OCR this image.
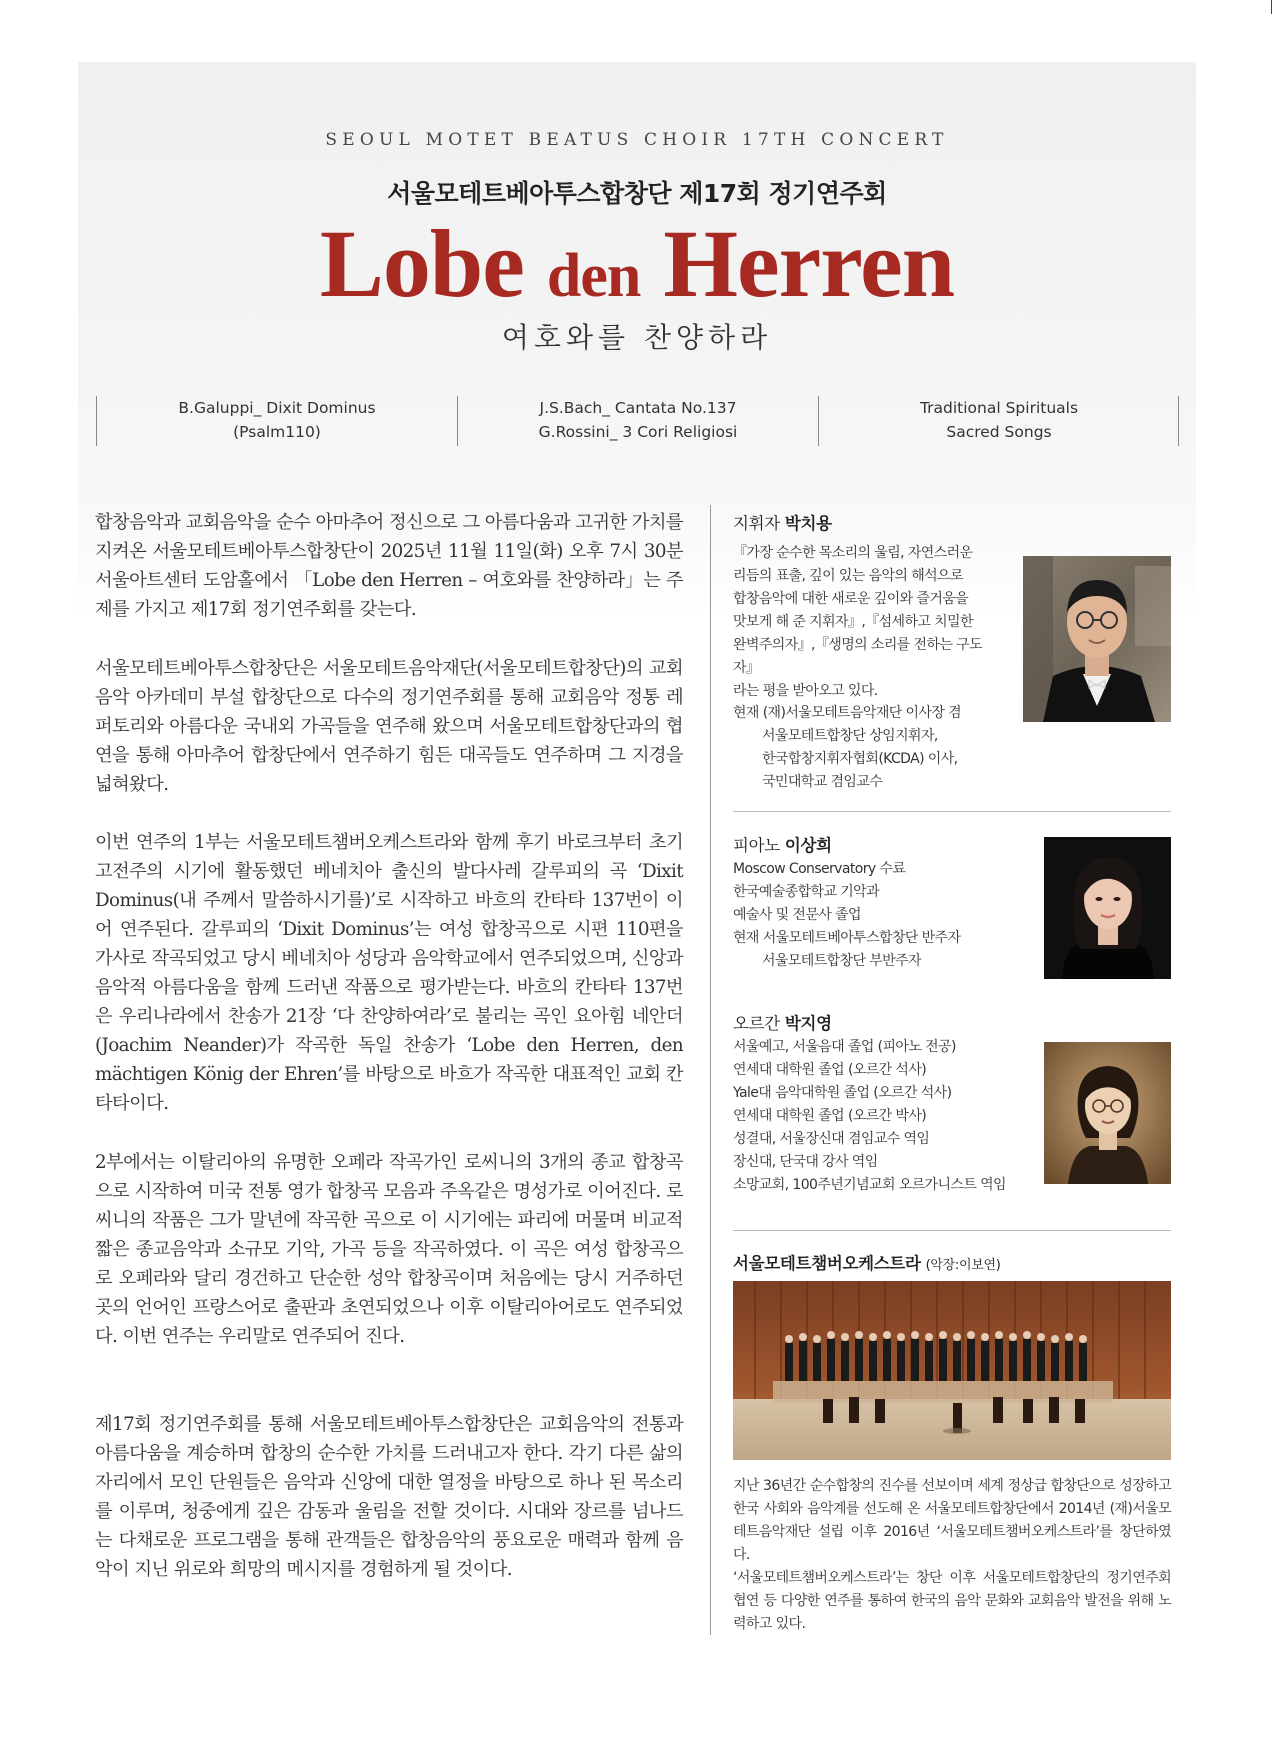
SEOUL MOTET BEATUS CHOIR 17TH CONCERT
서울모테트베아투스합창단 제17회 정기연주회
Lobe den Herren
여호와를 찬양하라
B.Galuppi_ Dixit Dominus
(Psalm110)
J.S.Bach_ Cantata No.137
G.Rossini_ 3 Cori Religiosi
Traditional Spirituals
Sacred Songs

합창음악과 교회음악을 순수 아마추어 정신으로 그 아름다움과 고귀한 가치를 지켜온 서울모테트베아투스합창단이 2025년 11월 11일(화) 오후 7시 30분 서울아트센터 도암홀에서 「Lobe den Herren – 여호와를 찬양하라」는 주제를 가지고 제17회 정기연주회를 갖는다.

서울모테트베아투스합창단은 서울모테트음악재단(서울모테트합창단)의 교회음악 아카데미 부설 합창단으로 다수의 정기연주회를 통해 교회음악 정통 레퍼토리와 아름다운 국내외 가곡들을 연주해 왔으며 서울모테트합창단과의 협연을 통해 아마추어 합창단에서 연주하기 힘든 대곡들도 연주하며 그 지경을 넓혀왔다.

이번 연주의 1부는 서울모테트챔버오케스트라와 함께 후기 바로크부터 초기 고전주의 시기에 활동했던 베네치아 출신의 발다사레 갈루피의 곡 ‘Dixit Dominus(내 주께서 말씀하시기를)’로 시작하고 바흐의 칸타타 137번이 이어 연주된다. 갈루피의 ‘Dixit Dominus’는 여성 합창곡으로 시편 110편을 가사로 작곡되었고 당시 베네치아 성당과 음악학교에서 연주되었으며, 신앙과 음악적 아름다움을 함께 드러낸 작품으로 평가받는다. 바흐의 칸타타 137번은 우리나라에서 찬송가 21장 ‘다 찬양하여라’로 불리는 곡인 요아힘 네안더(Joachim Neander)가 작곡한 독일 찬송가 ‘Lobe den Herren, den mächtigen König der Ehren’를 바탕으로 바흐가 작곡한 대표적인 교회 칸타타이다.

2부에서는 이탈리아의 유명한 오페라 작곡가인 로씨니의 3개의 종교 합창곡으로 시작하여 미국 전통 영가 합창곡 모음과 주옥같은 명성가로 이어진다. 로씨니의 작품은 그가 말년에 작곡한 곡으로 이 시기에는 파리에 머물며 비교적 짧은 종교음악과 소규모 기악, 가곡 등을 작곡하였다. 이 곡은 여성 합창곡으로 오페라와 달리 경건하고 단순한 성악 합창곡이며 처음에는 당시 거주하던 곳의 언어인 프랑스어로 출판과 초연되었으나 이후 이탈리아어로도 연주되었다. 이번 연주는 우리말로 연주되어 진다.

제17회 정기연주회를 통해 서울모테트베아투스합창단은 교회음악의 전통과 아름다움을 계승하며 합창의 순수한 가치를 드러내고자 한다. 각기 다른 삶의 자리에서 모인 단원들은 음악과 신앙에 대한 열정을 바탕으로 하나 된 목소리를 이루며, 청중에게 깊은 감동과 울림을 전할 것이다. 시대와 장르를 넘나드는 다채로운 프로그램을 통해 관객들은 합창음악의 풍요로운 매력과 함께 음악이 지닌 위로와 희망의 메시지를 경험하게 될 것이다.

지휘자 박치용
『가장 순수한 목소리의 울림, 자연스러운
리듬의 표출, 깊이 있는 음악의 해석으로
합창음악에 대한 새로운 깊이와 즐거움을
맛보게 해 준 지휘자』,『섬세하고 치밀한
완벽주의자』,『생명의 소리를 전하는 구도자』
라는 평을 받아오고 있다.
현재 (재)서울모테트음악재단 이사장 겸
서울모테트합창단 상임지휘자,
한국합창지휘자협회(KCDA) 이사,
국민대학교 겸임교수
피아노 이상희
Moscow Conservatory 수료
한국예술종합학교 기악과
예술사 및 전문사 졸업
현재 서울모테트베아투스합창단 반주자
서울모테트합창단 부반주자
오르간 박지영
서울예고, 서울음대 졸업 (피아노 전공)
연세대 대학원 졸업 (오르간 석사)
Yale대 음악대학원 졸업 (오르간 석사)
연세대 대학원 졸업 (오르간 박사)
성결대, 서울장신대 겸임교수 역임
장신대, 단국대 강사 역임
소망교회, 100주년기념교회 오르가니스트 역임
서울모테트챔버오케스트라 (악장:이보연)

지난 36년간 순수합창의 진수를 선보이며 세계 정상급 합창단으로 성장하고 한국 사회와 음악계를 선도해 온 서울모테트합창단에서 2014년 (재)서울모테트음악재단 설립 이후 2016년 ‘서울모테트챔버오케스트라’를 창단하였다.

‘서울모테트챔버오케스트라’는 창단 이후 서울모테트합창단의 정기연주회 협연 등 다양한 연주를 통하여 한국의 음악 문화와 교회음악 발전을 위해 노력하고 있다.
